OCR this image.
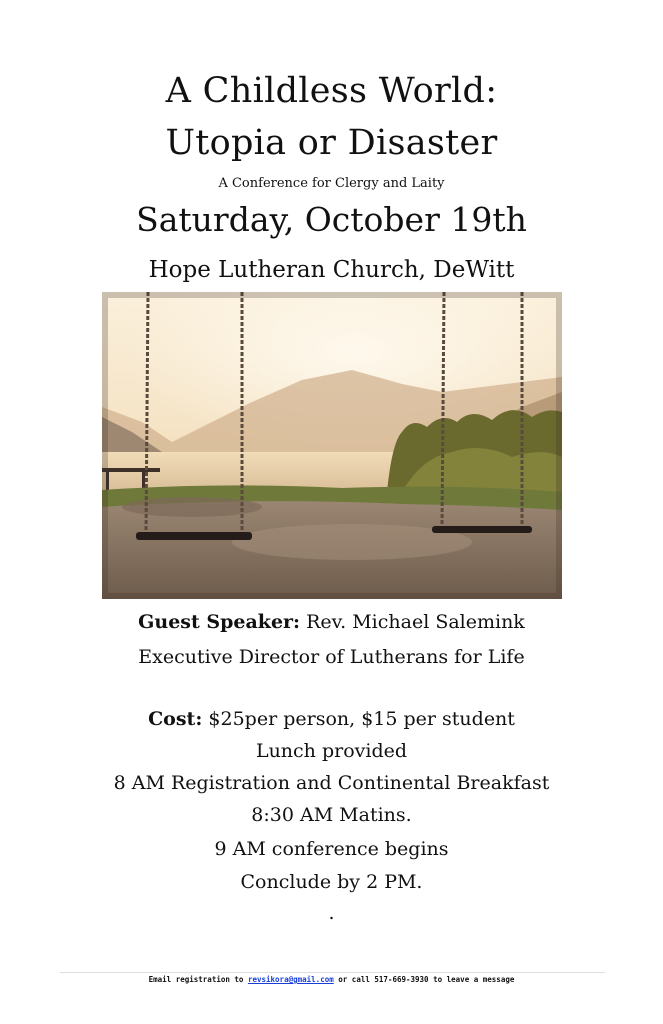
A Childless World:
Utopia or Disaster
A Conference for Clergy and Laity
Saturday, October 19th
Hope Lutheran Church, DeWitt
Guest Speaker: Rev. Michael Salemink
Executive Director of Lutherans for Life
Cost: $25per person, $15 per student
Lunch provided
8 AM Registration and Continental Breakfast
8:30 AM Matins.
9 AM conference begins
Conclude by 2 PM.
.
Email registration to revsikora@gmail.com or call 517-669-3930 to leave a message
